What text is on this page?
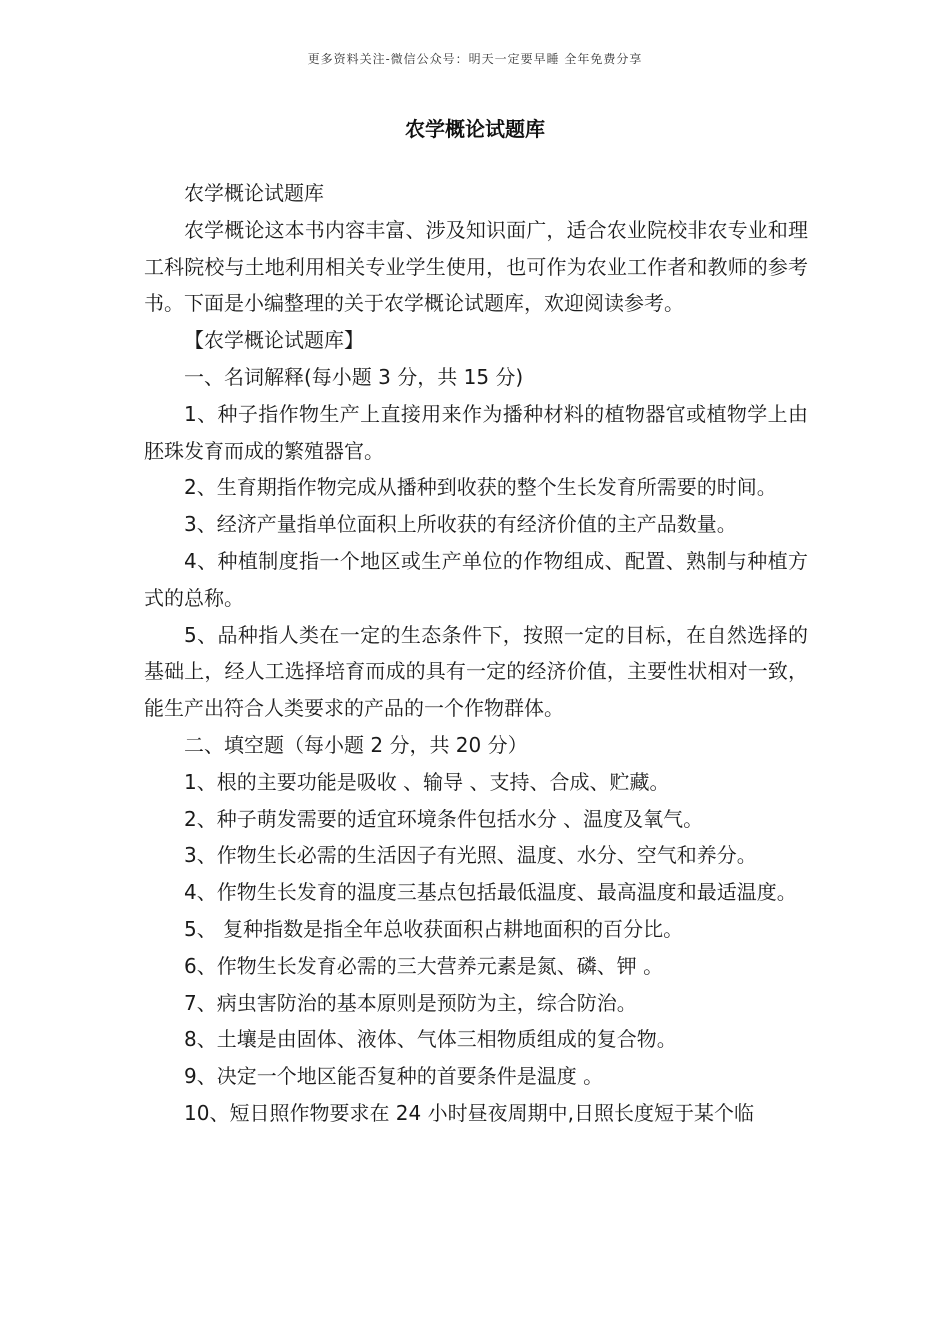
更多资料关注-微信公众号：明天一定要早睡 全年免费分享
农学概论试题库

农学概论试题库

农学概论这本书内容丰富、涉及知识面广，适合农业院校非农专业和理工科院校与土地利用相关专业学生使用，也可作为农业工作者和教师的参考书。下面是小编整理的关于农学概论试题库，欢迎阅读参考。

【农学概论试题库】

一、名词解释(每小题 3 分，共 15 分)

1、种子指作物生产上直接用来作为播种材料的植物器官或植物学上由胚珠发育而成的繁殖器官。

2、生育期指作物完成从播种到收获的整个生长发育所需要的时间。

3、经济产量指单位面积上所收获的有经济价值的主产品数量。

4、种植制度指一个地区或生产单位的作物组成、配置、熟制与种植方式的总称。

5、品种指人类在一定的生态条件下，按照一定的目标，在自然选择的基础上，经人工选择培育而成的具有一定的经济价值，主要性状相对一致，能生产出符合人类要求的产品的一个作物群体。

二、填空题（每小题 2 分，共 20 分）

1、根的主要功能是吸收 、输导 、支持、合成、贮藏。

2、种子萌发需要的适宜环境条件包括水分 、温度及氧气。

3、作物生长必需的生活因子有光照、温度、水分、空气和养分。

4、作物生长发育的温度三基点包括最低温度、最高温度和最适温度。

5、 复种指数是指全年总收获面积占耕地面积的百分比。

6、作物生长发育必需的三大营养元素是氮、磷、钾 。

7、病虫害防治的基本原则是预防为主，综合防治。

8、土壤是由固体、液体、气体三相物质组成的复合物。

9、决定一个地区能否复种的首要条件是温度 。

10、短日照作物要求在 24 小时昼夜周期中,日照长度短于某个临
